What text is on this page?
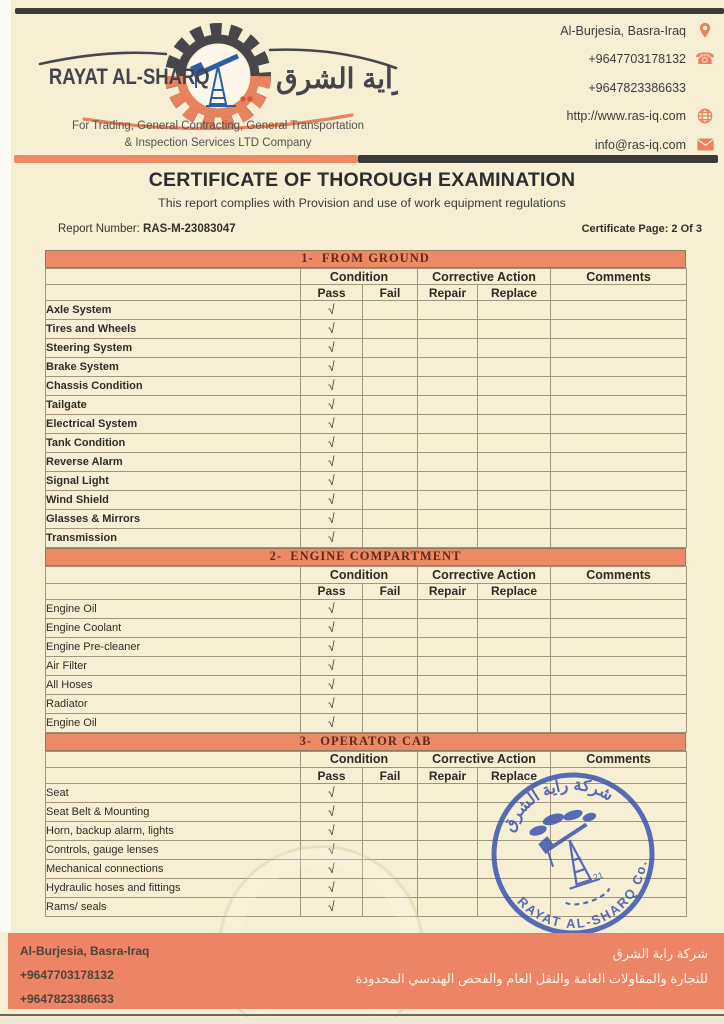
RAYAT AL-SHARQ راية الشرق
For Trading, General Contracting, General Transportation
& Inspection Services LTD Company
Al-Burjesia, Basra-Iraq
+9647703178132 ☎
+9647823386633
http://www.ras-iq.com
info@ras-iq.com
CERTIFICATE OF THOROUGH EXAMINATION
This report complies with Provision and use of work equipment regulations
Report Number: RAS-M-23083047	Certificate Page: 2 Of 3
1-  FROM GROUND
	Condition		Corrective Action		Comments
	Pass	Fail	Repair	Replace	
Axle System	√				
Tires and Wheels	√				
Steering System	√				
Brake System	√				
Chassis Condition	√				
Tailgate	√				
Electrical System	√				
Tank Condition	√				
Reverse Alarm	√				
Signal Light	√				
Wind Shield	√				
Glasses & Mirrors	√				
Transmission	√				
2-  ENGINE COMPARTMENT
	Condition		Corrective Action		Comments
	Pass	Fail	Repair	Replace	
Engine Oil	√				
Engine Coolant	√				
Engine Pre-cleaner	√				
Air Filter	√				
All Hoses	√				
Radiator	√				
Engine Oil	√				
3-  OPERATOR CAB
	Condition		Corrective Action		Comments
	Pass	Fail	Repair	Replace	
Seat	√				
Seat Belt & Mounting	√				
Horn, backup alarm, lights	√				
Controls, gauge lenses	√				
Mechanical connections	√				
Hydraulic hoses and fittings	√				
Rams/ seals	√				
شركة راية الشرق
RAYAT AL-SHARQ Co.
21
Al-Burjesia, Basra-Iraq
+9647703178132
+9647823386633
شركة راية الشرق
للتجارة والمقاولات العامة والنقل العام والفحص الهندسي المحدودة
